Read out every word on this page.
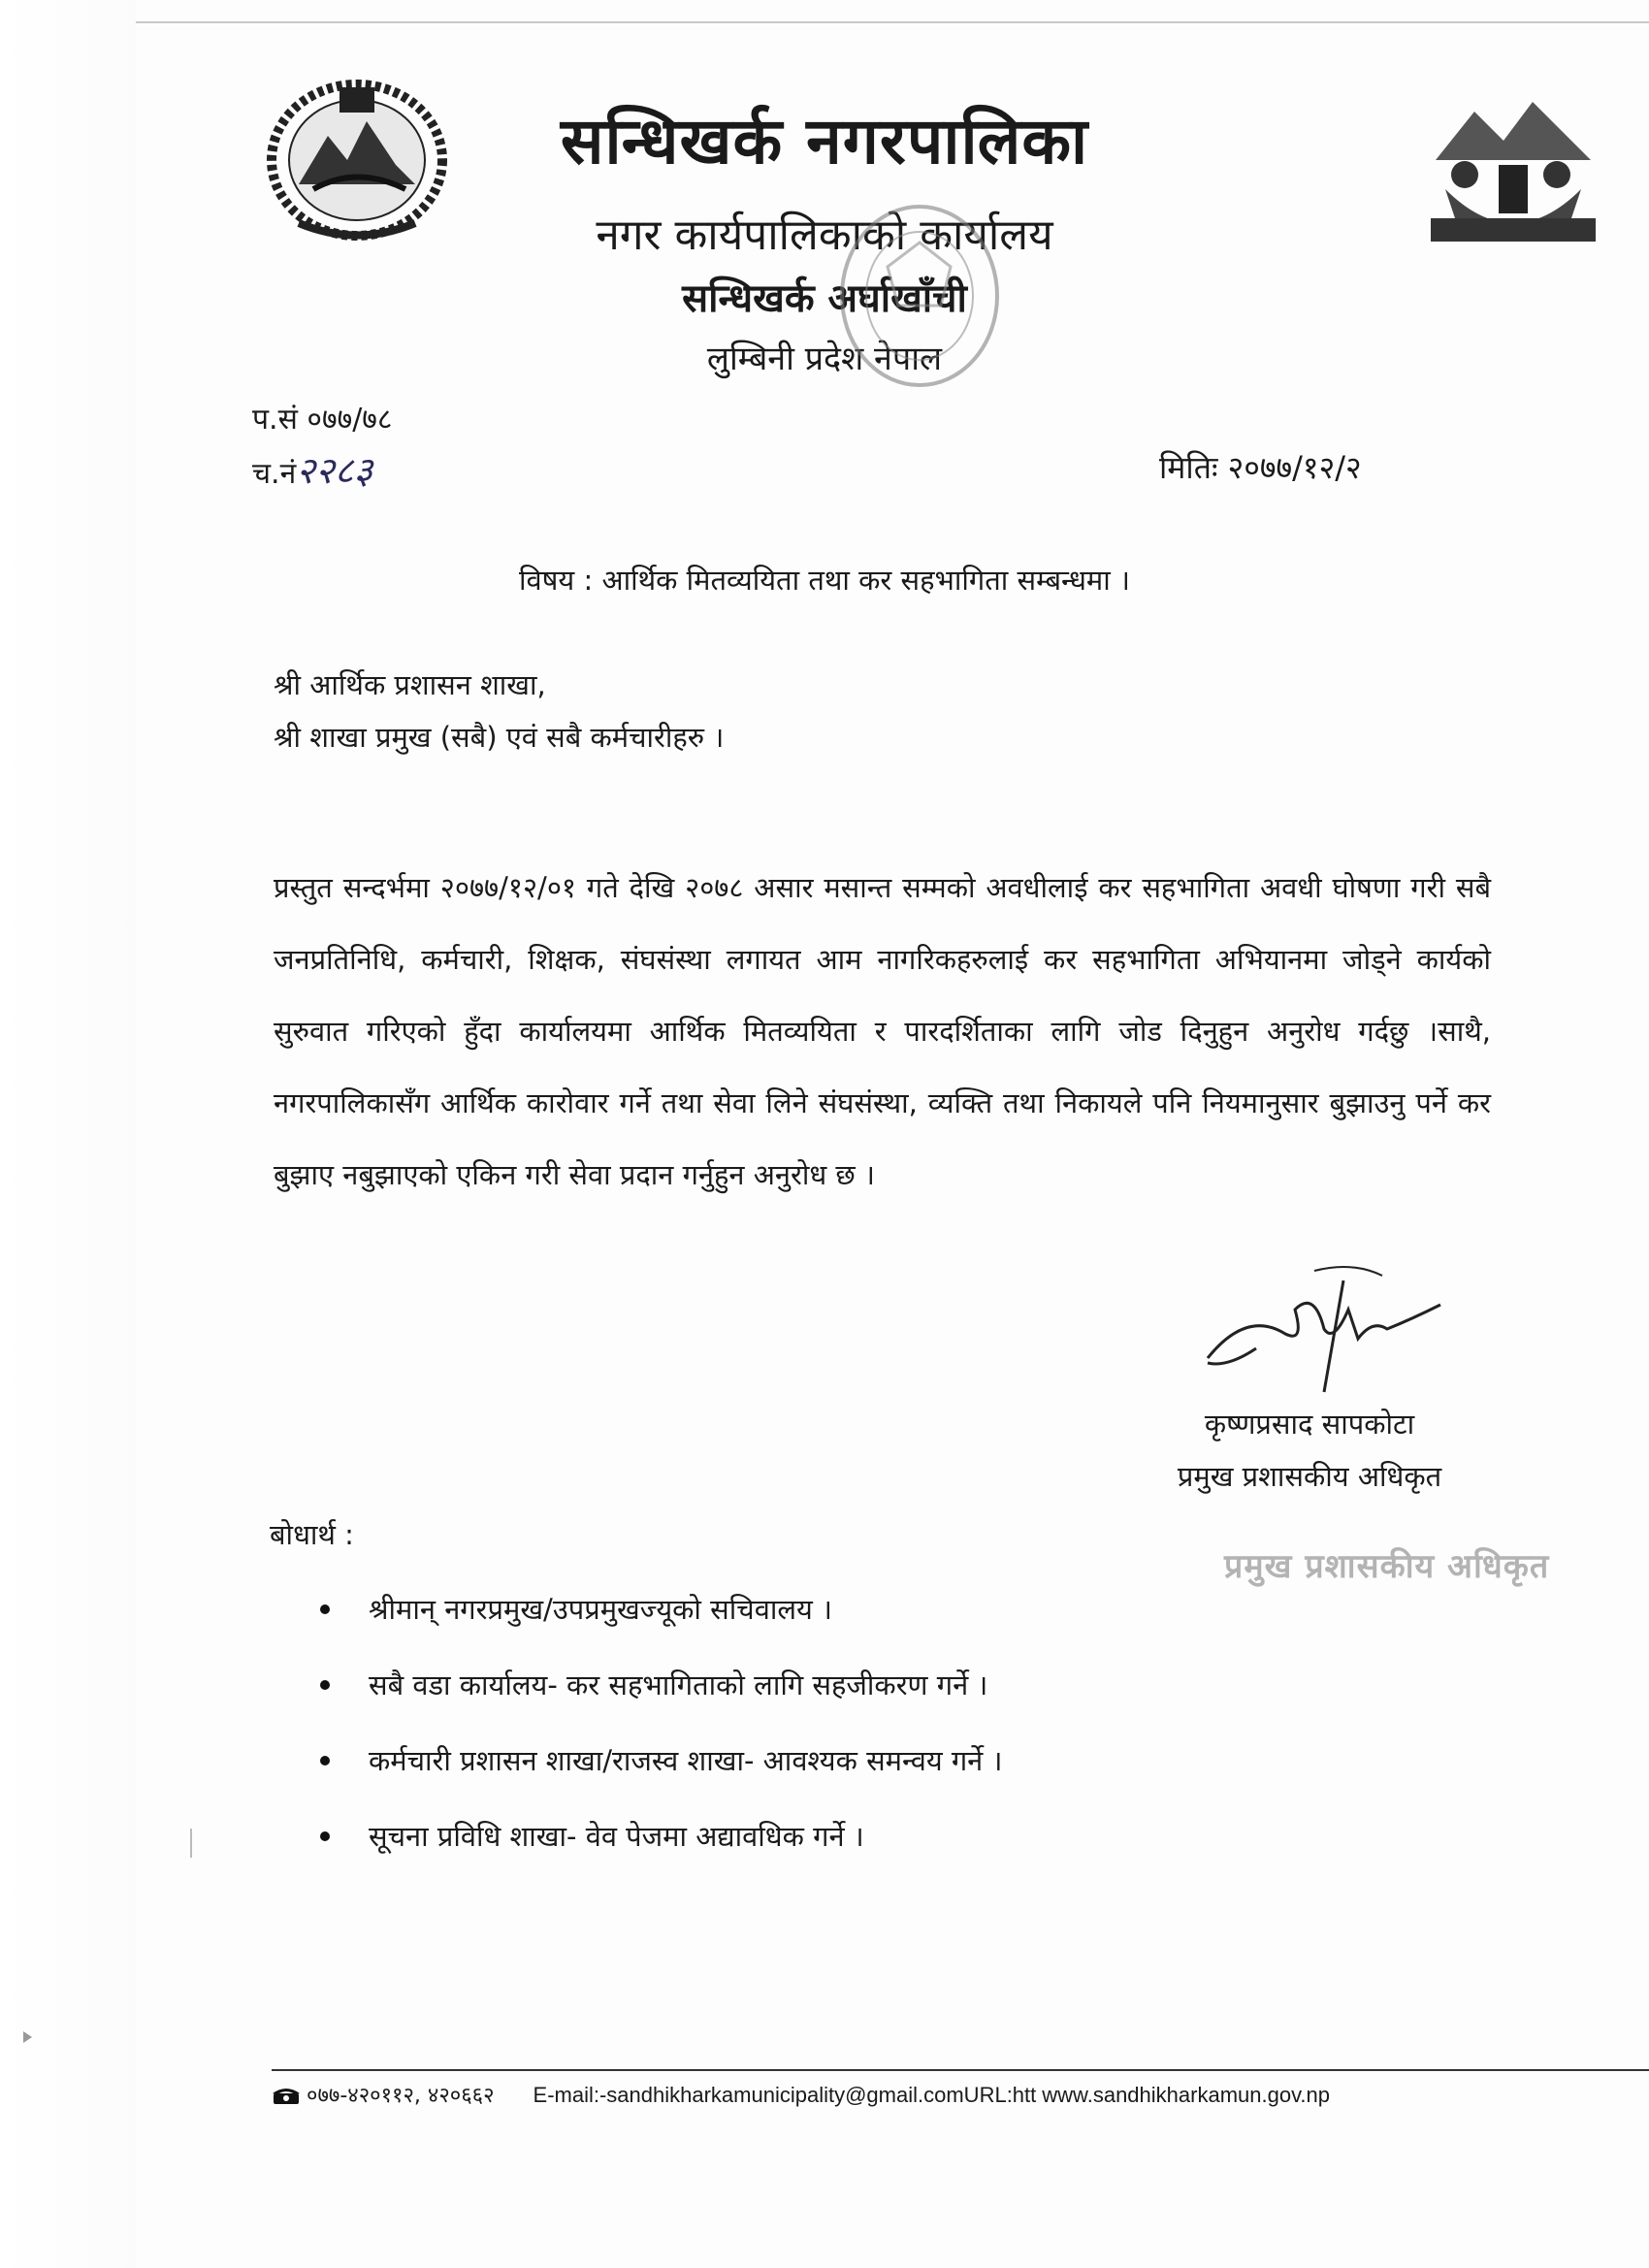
सन्धिखर्क नगरपालिका
नगर कार्यपालिकाको कार्यालय
सन्धिखर्क अर्घाखाँची
लुम्बिनी प्रदेश नेपाल
प.सं ०७७/७८
च.नं२२८३	मितिः २०७७/१२/२
विषय : आर्थिक मितव्ययिता तथा कर सहभागिता सम्बन्धमा ।
श्री आर्थिक प्रशासन शाखा,
श्री शाखा प्रमुख (सबै) एवं सबै कर्मचारीहरु ।
प्रस्तुत सन्दर्भमा २०७७/१२/०१ गते देखि २०७८ असार मसान्त सम्मको अवधीलाई कर सहभागिता अवधी घोषणा गरी सबै जनप्रतिनिधि, कर्मचारी, शिक्षक, संघसंस्था लगायत आम नागरिकहरुलाई कर सहभागिता अभियानमा जोड्ने कार्यको सुरुवात गरिएको हुँदा कार्यालयमा आर्थिक मितव्ययिता र पारदर्शिताका लागि जोड दिनुहुन अनुरोध गर्दछु ।साथै, नगरपालिकासँग आर्थिक कारोवार गर्ने तथा सेवा लिने संघसंस्था, व्यक्ति तथा निकायले पनि नियमानुसार बुझाउनु पर्ने कर बुझाए नबुझाएको एकिन गरी सेवा प्रदान गर्नुहुन अनुरोध छ ।
कृष्णप्रसाद सापकोटा
प्रमुख प्रशासकीय अधिकृत
प्रमुख प्रशासकीय अधिकृत
बोधार्थ :
श्रीमान् नगरप्रमुख/उपप्रमुखज्यूको सचिवालय ।
सबै वडा कार्यालय- कर सहभागिताको लागि सहजीकरण गर्ने ।
कर्मचारी प्रशासन शाखा/राजस्व शाखा- आवश्यक समन्वय गर्ने ।
सूचना प्रविधि शाखा- वेव पेजमा अद्यावधिक गर्ने ।
०७७-४२०११२, ४२०६६२ E-mail:-sandhikharkamunicipality@gmail.comURL:htt www.sandhikharkamun.gov.np
